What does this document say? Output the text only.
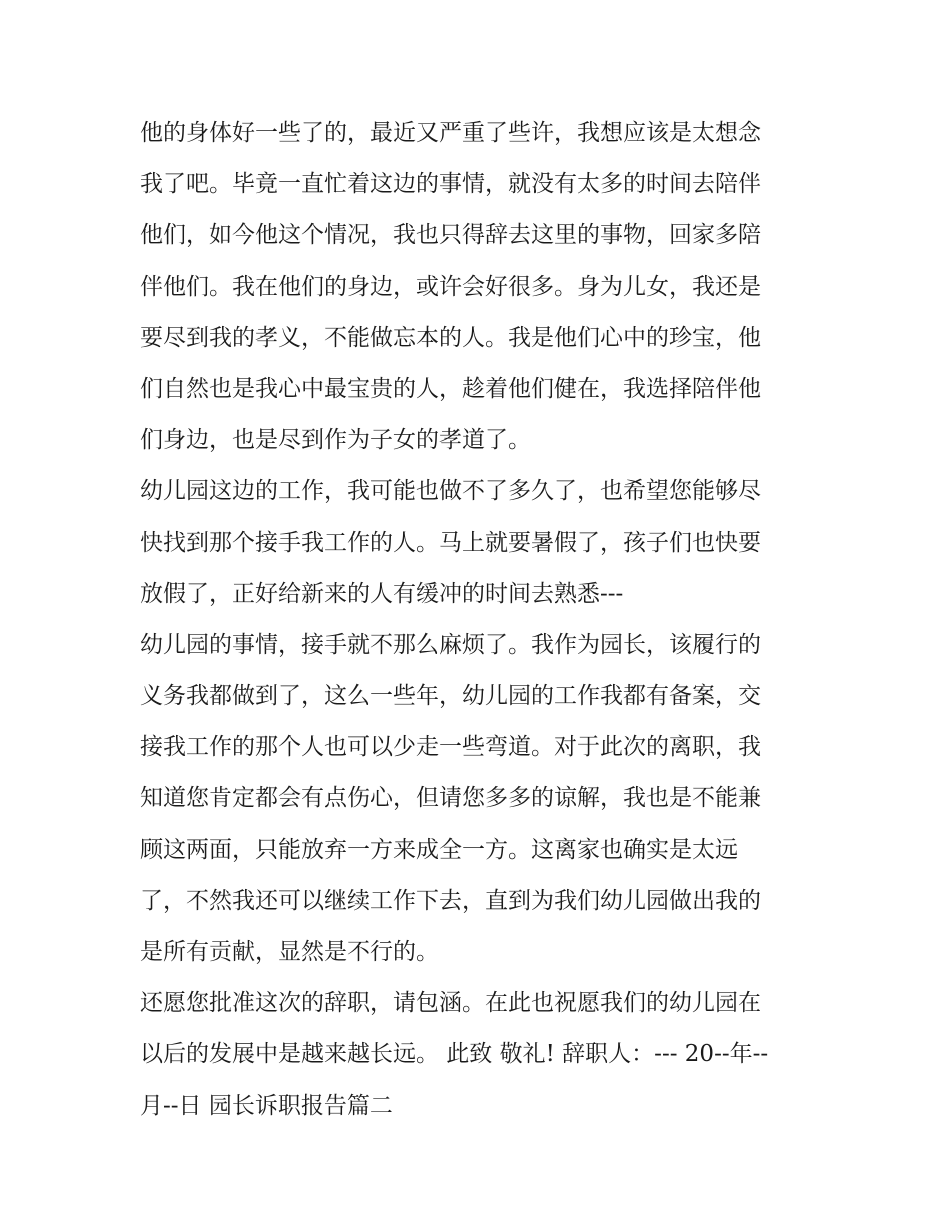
他的身体好一些了的，最近又严重了些许，我想应该是太想念
我了吧。毕竟一直忙着这边的事情，就没有太多的时间去陪伴
他们，如今他这个情况，我也只得辞去这里的事物，回家多陪
伴他们。我在他们的身边，或许会好很多。身为儿女，我还是
要尽到我的孝义，不能做忘本的人。我是他们心中的珍宝，他
们自然也是我心中最宝贵的人，趁着他们健在，我选择陪伴他
们身边，也是尽到作为子女的孝道了。
幼儿园这边的工作，我可能也做不了多久了，也希望您能够尽
快找到那个接手我工作的人。马上就要暑假了，孩子们也快要
放假了，正好给新来的人有缓冲的时间去熟悉---
幼儿园的事情，接手就不那么麻烦了。我作为园长，该履行的
义务我都做到了，这么一些年，幼儿园的工作我都有备案，交
接我工作的那个人也可以少走一些弯道。对于此次的离职，我
知道您肯定都会有点伤心，但请您多多的谅解，我也是不能兼
顾这两面，只能放弃一方来成全一方。这离家也确实是太远
了，不然我还可以继续工作下去，直到为我们幼儿园做出我的
是所有贡献，显然是不行的。
还愿您批准这次的辞职，请包涵。在此也祝愿我们的幼儿园在
以后的发展中是越来越长远。 此致 敬礼! 辞职人：--- 20--年--
月--日 园长诉职报告篇二
